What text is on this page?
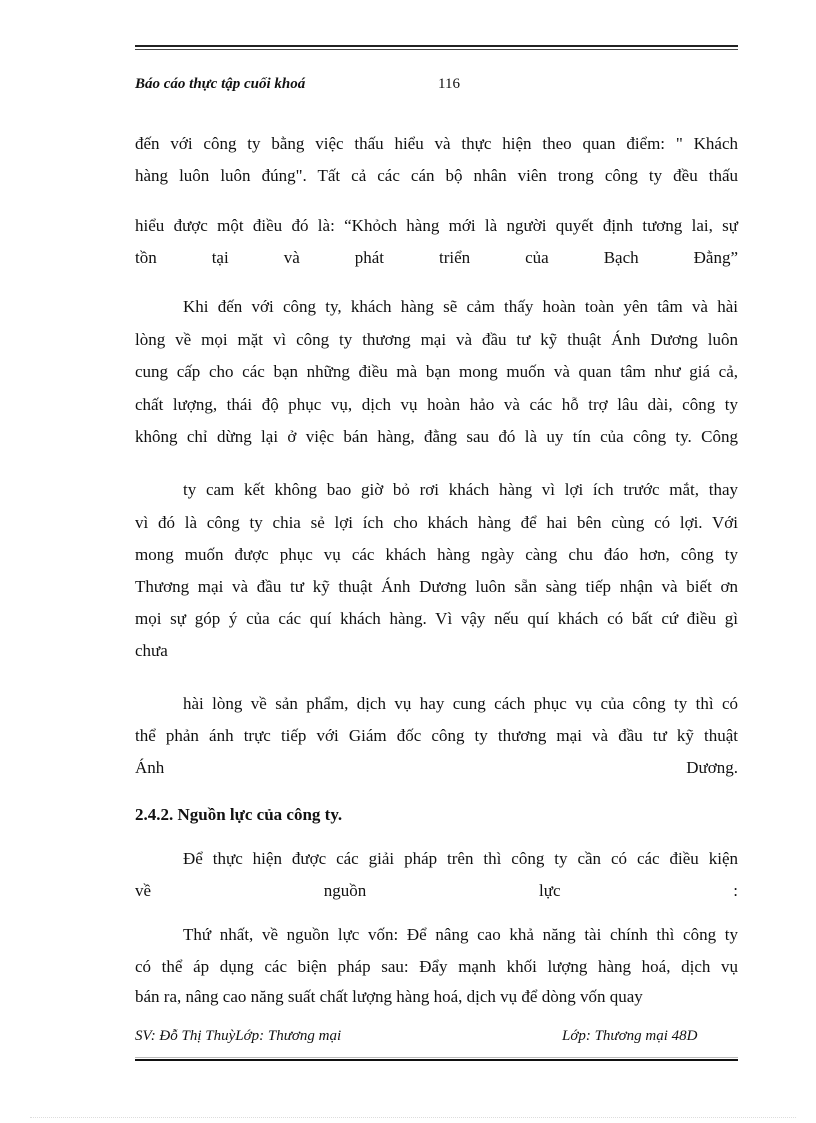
Báo cáo thực tập cuối khoá	116
đến với công ty bằng việc thấu hiểu và thực hiện theo quan điểm: " Khách
hàng luôn luôn đúng". Tất cả các cán bộ nhân viên trong công ty đều thấu
hiểu được một điều đó là: “Khỏch hàng mới là người quyết định tương lai, sự
tồn tại và phát triển của Bạch Đằng”
Khi đến với công ty, khách hàng sẽ cảm thấy hoàn toàn yên tâm và hài
lòng về mọi mặt vì công ty thương mại và đầu tư kỹ thuật Ánh Dương luôn
cung cấp cho các bạn những điều mà bạn mong muốn và quan tâm như giá cả,
chất lượng, thái độ phục vụ, dịch vụ hoàn hảo và các hỗ trợ lâu dài, công ty
không chỉ dừng lại ở việc bán hàng, đằng sau đó là uy tín của công ty. Công
ty cam kết không bao giờ bỏ rơi khách hàng vì lợi ích trước mắt, thay
vì đó là công ty chia sẻ lợi ích cho khách hàng để hai bên cùng có lợi. Với
mong muốn được phục vụ các khách hàng ngày càng chu đáo hơn, công ty
Thương mại và đầu tư kỹ thuật Ánh Dương luôn sẵn sàng tiếp nhận và biết ơn
mọi sự góp ý của các quí khách hàng. Vì vậy nếu quí khách có bất cứ điều gì
chưa
hài lòng về sản phẩm, dịch vụ hay cung cách phục vụ của công ty thì có
thể phản ánh trực tiếp với Giám đốc công ty thương mại và đầu tư kỹ thuật
Ánh Dương.
2.4.2. Nguồn lực của công ty.
Để thực hiện được các giải pháp trên thì công ty cần có các điều kiện
về nguồn lực :
Thứ nhất, về nguồn lực vốn: Để nâng cao khả năng tài chính thì công ty
có thể áp dụng các biện pháp sau: Đẩy mạnh khối lượng hàng hoá, dịch vụ
bán ra, nâng cao năng suất chất lượng hàng hoá, dịch vụ để dòng vốn quay
SV: Đỗ Thị ThuỳLớp: Thương mại	Lớp: Thương mại 48D
